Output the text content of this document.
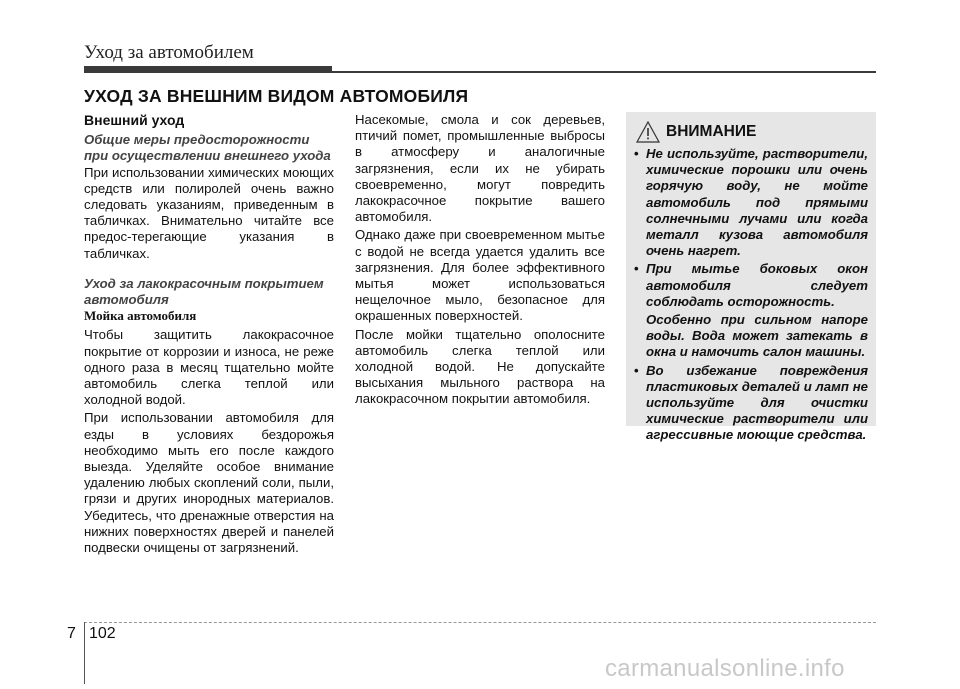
Уход за автомобилем
УХОД ЗА ВНЕШНИМ ВИДОМ АВТОМОБИЛЯ
Внешний уход
Общие меры предосторожности при осуществлении внешнего ухода

При использовании химических моющих средств или полиролей очень важно следовать указаниям, приведенным в табличках. Внимательно читайте все предос-терегающие указания в табличках.

Уход за лакокрасочным покрытием автомобиля
Мойка автомобиля

Чтобы защитить лакокрасочное покрытие от коррозии и износа, не реже одного раза в месяц тщательно мойте автомобиль слегка теплой или холодной водой.

При использовании автомобиля для езды в условиях бездорожья необходимо мыть его после каждого выезда. Уделяйте особое внимание удалению любых скоплений соли, пыли, грязи и других инородных материалов. Убедитесь, что дренажные отверстия на нижних поверхностях дверей и панелей подвески очищены от загрязнений.

Насекомые, смола и сок деревьев, птичий помет, промышленные выбросы в атмосферу и аналогичные загрязнения, если их не убирать своевременно, могут повредить лакокрасочное покрытие вашего автомобиля.

Однако даже при своевременном мытье с водой не всегда удается удалить все загрязнения. Для более эффективного мытья может использоваться нещелочное мыло, безопасное для окрашенных поверхностей.

После мойки тщательно ополосните автомобиль слегка теплой или холодной водой. Не допускайте высыхания мыльного раствора на лакокрасочном покрытии автомобиля.

ВНИМАНИЕ
• Не используйте, растворители, химические порошки или очень горячую воду, не мойте автомобиль под прямыми солнечными лучами или когда металл кузова автомобиля очень нагрет.
• При мытье боковых окон автомобиля следует соблюдать осторожность.
Особенно при сильном напоре воды. Вода может затекать в окна и намочить салон машины.
• Во избежание повреждения пластиковых деталей и ламп не используйте для очистки химические растворители или агрессивные моющие средства.
7 102
carmanualsonline.info
